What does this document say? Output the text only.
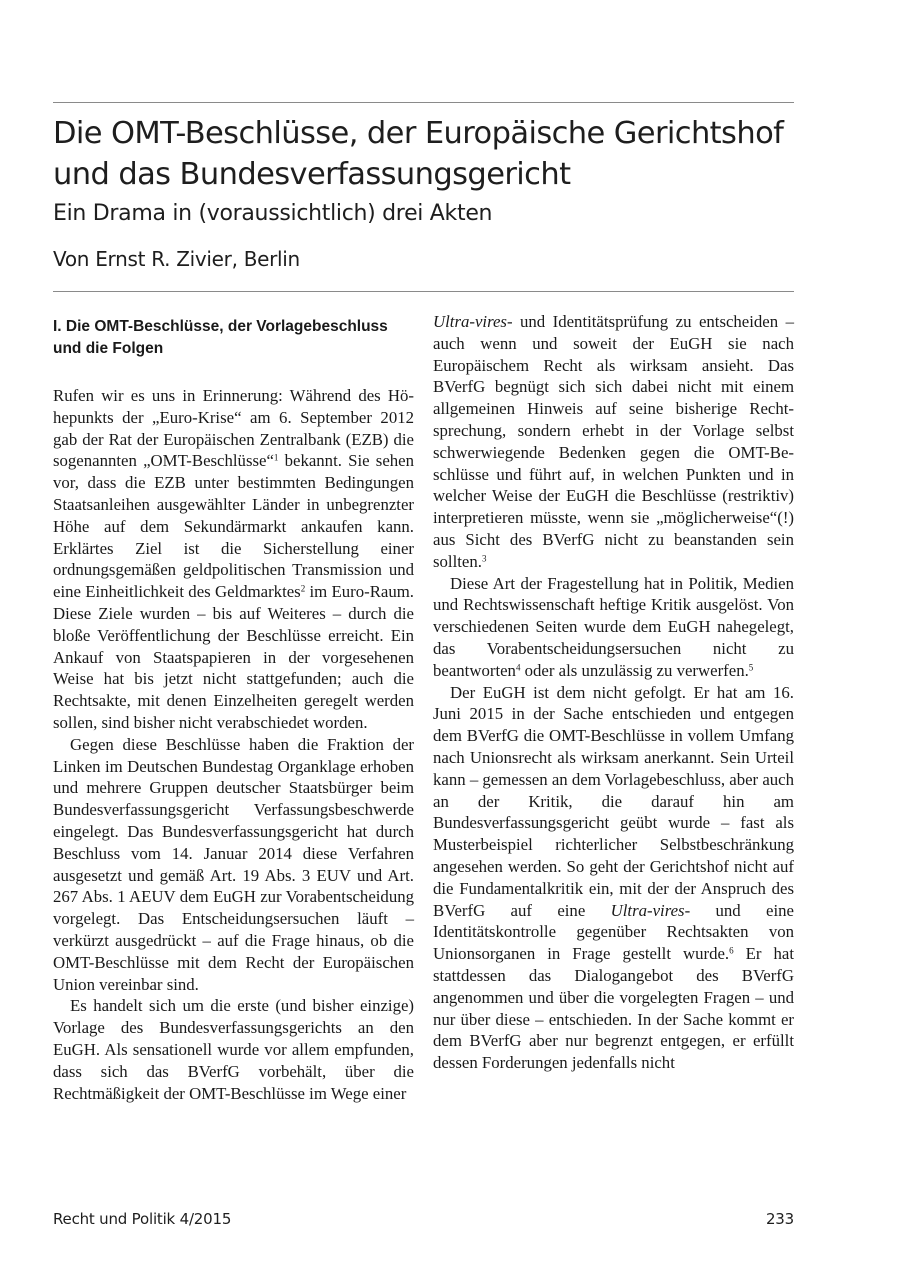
Die OMT-Beschlüsse, der Europäische Gerichtshof und das Bundesverfassungsgericht
Ein Drama in (voraussichtlich) drei Akten
Von Ernst R. Zivier, Berlin
I. Die OMT-Beschlüsse, der Vorlagebeschluss und die Folgen

Rufen wir es uns in Erinnerung: Während des Höhepunkts der „Euro-Krise“ am 6. September 2012 gab der Rat der Europäischen Zentralbank (EZB) die sogenannten „OMT-Beschlüsse“$^1$ bekannt. Sie sehen vor, dass die EZB unter bestimmten Bedingungen Staatsanleihen ausgewählter Länder in unbegrenzter Höhe auf dem Sekundärmarkt ankaufen kann. Erklärtes Ziel ist die Sicherstellung einer ordnungsgemäßen geldpolitischen Transmission und eine Einheitlichkeit des Geldmarktes$^2$ im Euro-Raum. Diese Ziele wurden – bis auf Weiteres – durch die bloße Veröffentlichung der Beschlüsse erreicht. Ein Ankauf von Staatspapieren in der vorgesehenen Weise hat bis jetzt nicht stattgefunden; auch die Rechtsakte, mit denen Einzelheiten geregelt werden sollen, sind bisher nicht verabschiedet worden.

Gegen diese Beschlüsse haben die Fraktion der Linken im Deutschen Bundestag Organklage erhoben und mehrere Gruppen deutscher Staatsbürger beim Bundesverfassungsgericht Verfassungsbeschwerde eingelegt. Das Bundesverfassungsgericht hat durch Beschluss vom 14. Januar 2014 diese Verfahren ausgesetzt und gemäß Art. 19 Abs. 3 EUV und Art. 267 Abs. 1 AEUV dem EuGH zur Vorabentscheidung vorgelegt. Das Entscheidungsersuchen läuft – verkürzt ausgedrückt – auf die Frage hinaus, ob die OMT-Beschlüsse mit dem Recht der Europäischen Union vereinbar sind.

Es handelt sich um die erste (und bisher einzige) Vorlage des Bundesverfassungsgerichts an den EuGH. Als sensationell wurde vor allem empfunden, dass sich das BVerfG vorbehält, über die Rechtmäßigkeit der OMT-Beschlüsse im Wege einer

Ultra-vires- und Identitätsprüfung zu entscheiden – auch wenn und soweit der EuGH sie nach Europäischem Recht als wirksam ansieht. Das BVerfG begnügt sich sich dabei nicht mit einem allgemeinen Hinweis auf seine bisherige Rechtsprechung, sondern erhebt in der Vorlage selbst schwerwiegende Bedenken gegen die OMT-Beschlüsse und führt auf, in welchen Punkten und in welcher Weise der EuGH die Beschlüsse (restriktiv) interpretieren müsste, wenn sie „möglicherweise“(!) aus Sicht des BVerfG nicht zu beanstanden sein sollten.$^3$

Diese Art der Fragestellung hat in Politik, Medien und Rechtswissenschaft heftige Kritik ausgelöst. Von verschiedenen Seiten wurde dem EuGH nahegelegt, das Vorabentscheidungsersuchen nicht zu beantworten$^4$ oder als unzulässig zu verwerfen.$^5$

Der EuGH ist dem nicht gefolgt. Er hat am 16. Juni 2015 in der Sache entschieden und entgegen dem BVerfG die OMT-Beschlüsse in vollem Umfang nach Unionsrecht als wirksam anerkannt. Sein Urteil kann – gemessen an dem Vorlagebeschluss, aber auch an der Kritik, die darauf hin am Bundesverfassungsgericht geübt wurde – fast als Musterbeispiel richterlicher Selbstbeschränkung angesehen werden. So geht der Gerichtshof nicht auf die Fundamentalkritik ein, mit der der Anspruch des BVerfG auf eine Ultra-vires- und eine Identitätskontrolle gegenüber Rechtsakten von Unionsorganen in Frage gestellt wurde.$^6$ Er hat stattdessen das Dialogangebot des BVerfG angenommen und über die vorgelegten Fragen – und nur über diese – entschieden. In der Sache kommt er dem BVerfG aber nur begrenzt entgegen, er erfüllt dessen Forderungen jedenfalls nicht

Recht und Politik 4/2015	233
